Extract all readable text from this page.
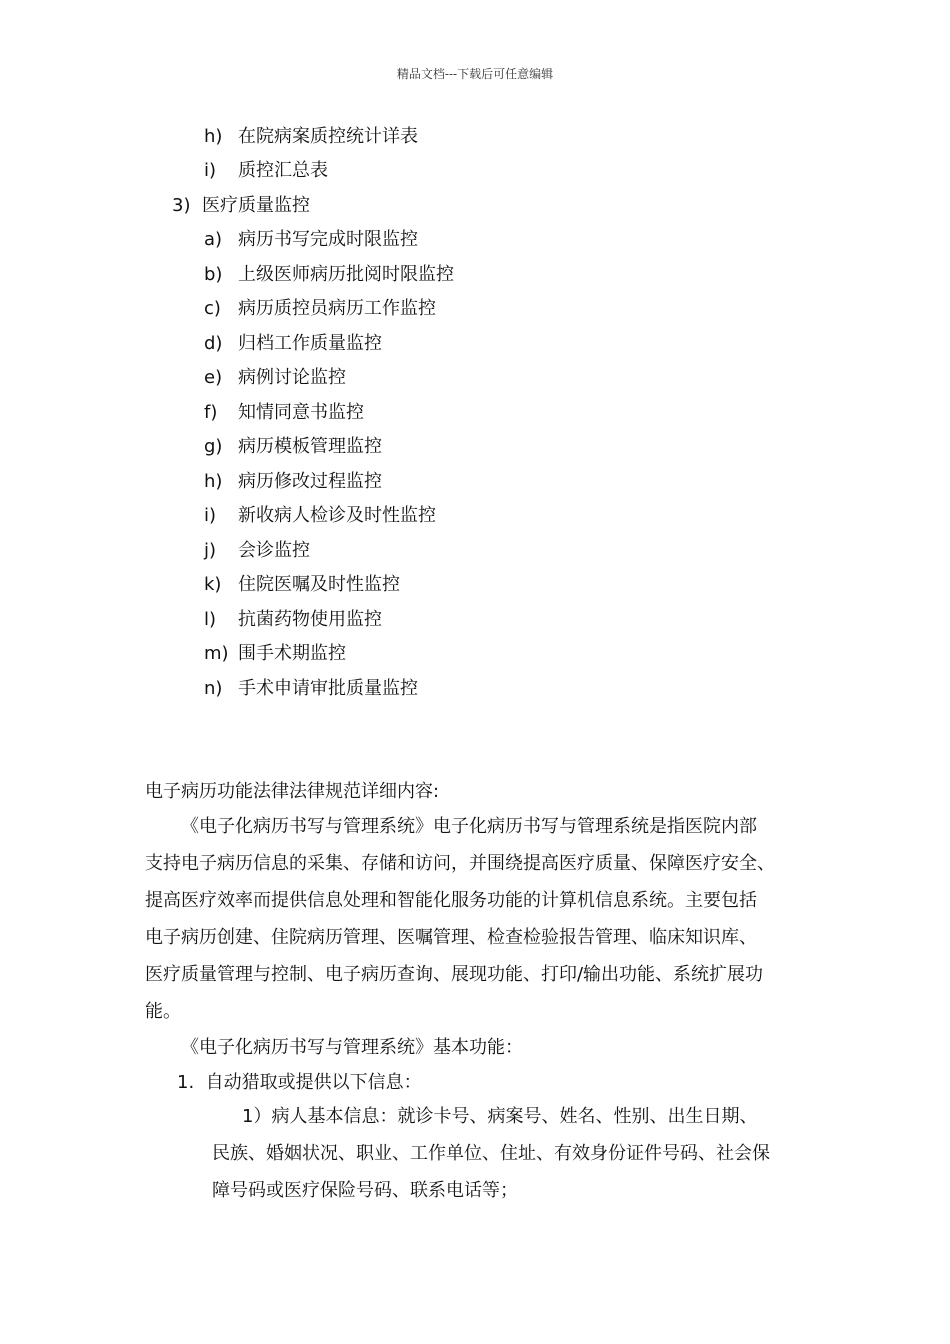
精品文档---下载后可任意编辑
h) 在院病案质控统计详表
i) 质控汇总表
3) 医疗质量监控
a) 病历书写完成时限监控
b) 上级医师病历批阅时限监控
c) 病历质控员病历工作监控
d) 归档工作质量监控
e) 病例讨论监控
f) 知情同意书监控
g) 病历模板管理监控
h) 病历修改过程监控
i) 新收病人检诊及时性监控
j) 会诊监控
k) 住院医嘱及时性监控
l) 抗菌药物使用监控
m) 围手术期监控
n) 手术申请审批质量监控
电子病历功能法律法律规范详细内容:
《电子化病历书写与管理系统》电子化病历书写与管理系统是指医院内部
支持电子病历信息的采集、存储和访问，并围绕提高医疗质量、保障医疗安全、
提高医疗效率而提供信息处理和智能化服务功能的计算机信息系统。主要包括
电子病历创建、住院病历管理、医嘱管理、检查检验报告管理、临床知识库、
医疗质量管理与控制、电子病历查询、展现功能、打印/输出功能、系统扩展功
能。
《电子化病历书写与管理系统》基本功能：
1.  自动猎取或提供以下信息：
1）病人基本信息：就诊卡号、病案号、姓名、性别、出生日期、
民族、婚姻状况、职业、工作单位、住址、有效身份证件号码、社会保
障号码或医疗保险号码、联系电话等；
